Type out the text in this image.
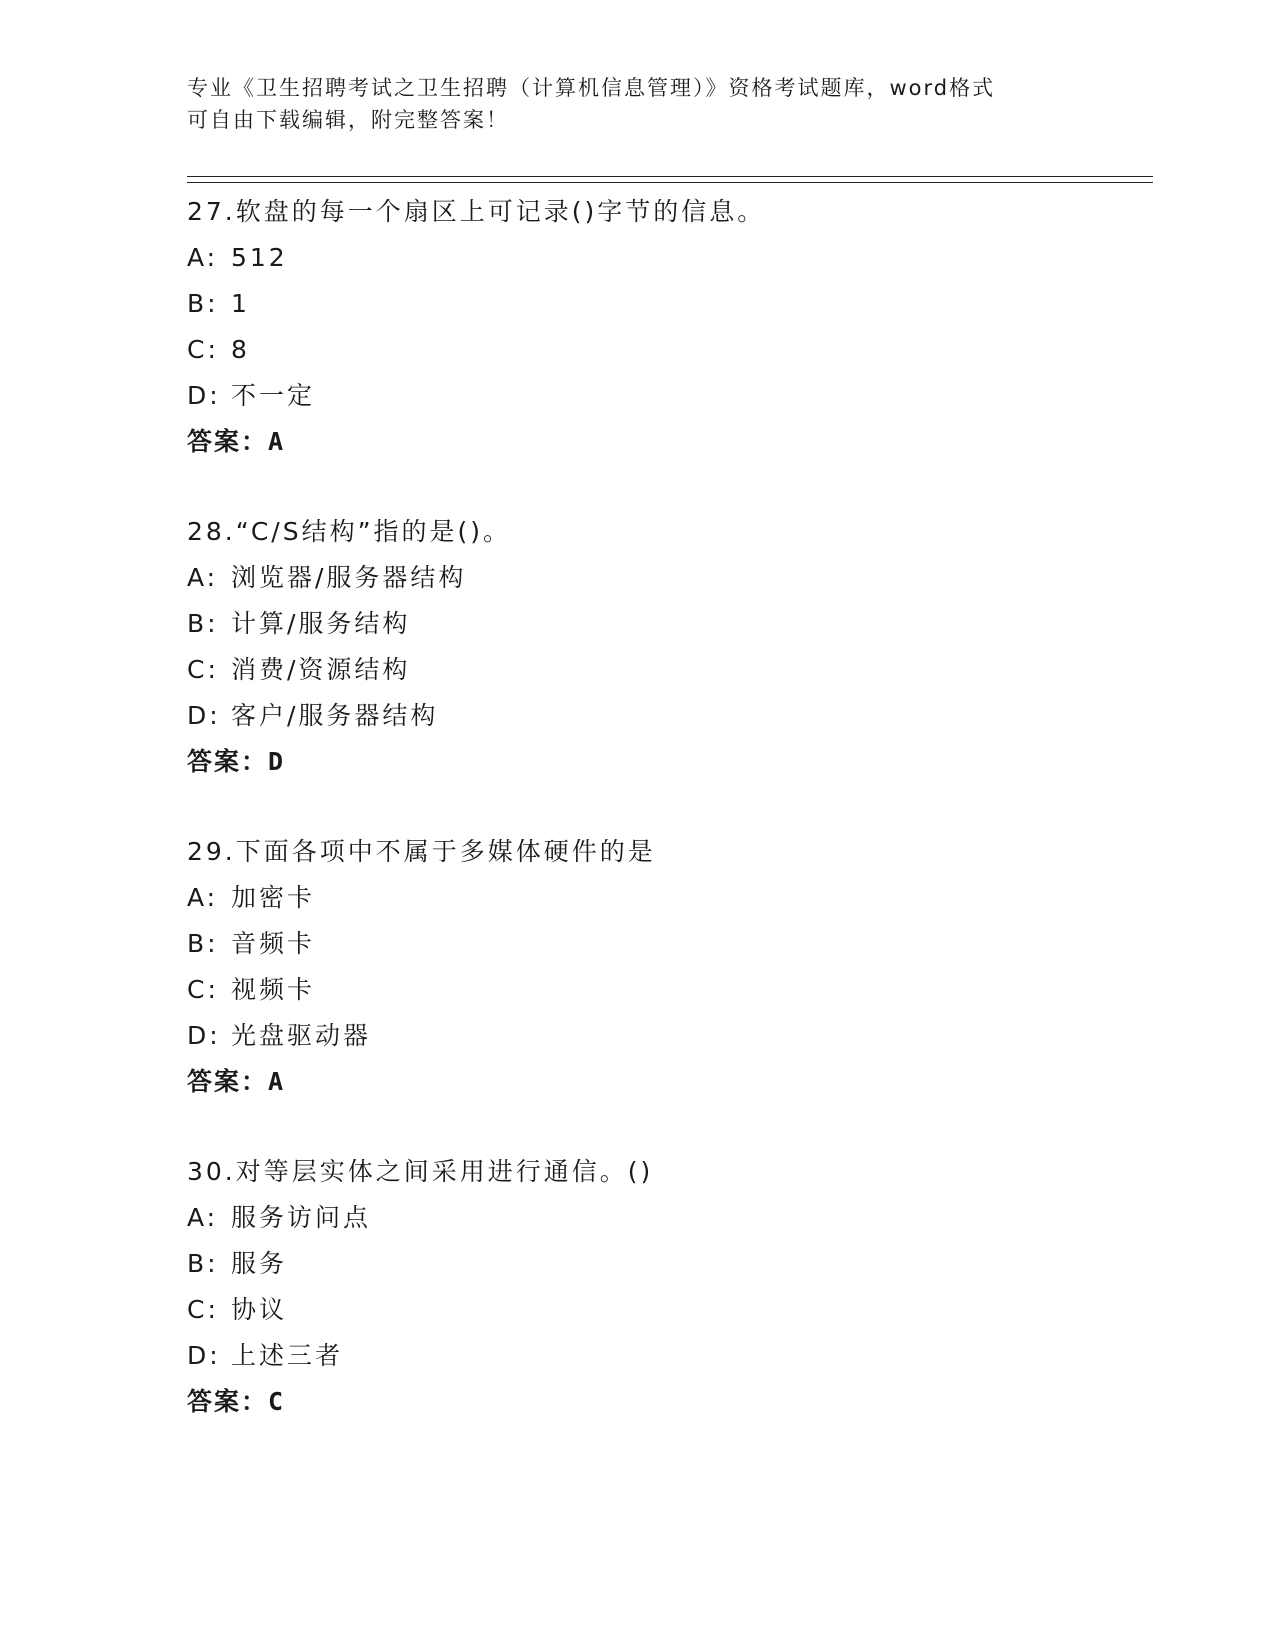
专业《卫生招聘考试之卫生招聘（计算机信息管理）》资格考试题库，word格式
可自由下载编辑，附完整答案！
27.软盘的每一个扇区上可记录()字节的信息。
A: 512
B: 1
C: 8
D: 不一定
答案：A
28.“C/S结构”指的是()。
A: 浏览器/服务器结构
B: 计算/服务结构
C: 消费/资源结构
D: 客户/服务器结构
答案：D
29.下面各项中不属于多媒体硬件的是
A: 加密卡
B: 音频卡
C: 视频卡
D: 光盘驱动器
答案：A
30.对等层实体之间采用进行通信。()
A: 服务访问点
B: 服务
C: 协议
D: 上述三者
答案：C
